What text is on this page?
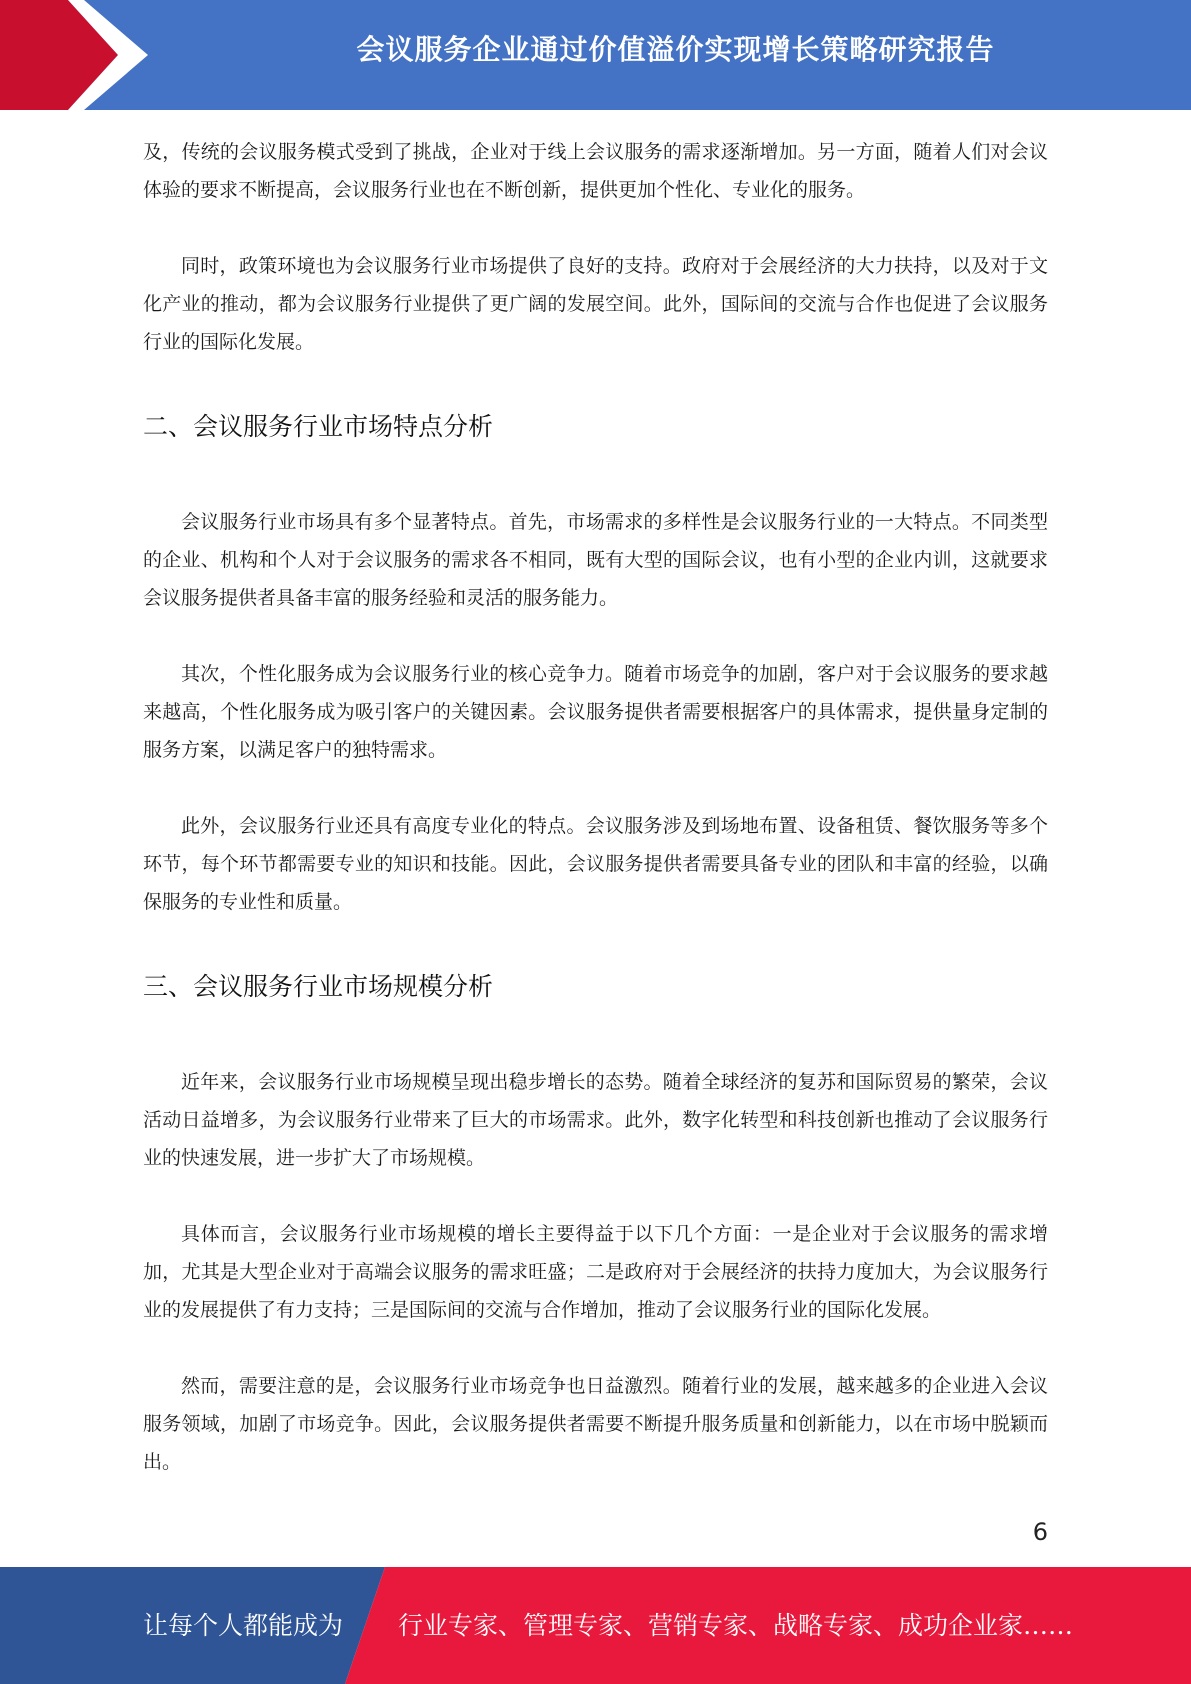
会议服务企业通过价值溢价实现增长策略研究报告

及，传统的会议服务模式受到了挑战，企业对于线上会议服务的需求逐渐增加。另一方面，随着人们对会议体验的要求不断提高，会议服务行业也在不断创新，提供更加个性化、专业化的服务。

同时，政策环境也为会议服务行业市场提供了良好的支持。政府对于会展经济的大力扶持，以及对于文化产业的推动，都为会议服务行业提供了更广阔的发展空间。此外，国际间的交流与合作也促进了会议服务行业的国际化发展。

二、会议服务行业市场特点分析

会议服务行业市场具有多个显著特点。首先，市场需求的多样性是会议服务行业的一大特点。不同类型的企业、机构和个人对于会议服务的需求各不相同，既有大型的国际会议，也有小型的企业内训，这就要求会议服务提供者具备丰富的服务经验和灵活的服务能力。

其次，个性化服务成为会议服务行业的核心竞争力。随着市场竞争的加剧，客户对于会议服务的要求越来越高，个性化服务成为吸引客户的关键因素。会议服务提供者需要根据客户的具体需求，提供量身定制的服务方案，以满足客户的独特需求。

此外，会议服务行业还具有高度专业化的特点。会议服务涉及到场地布置、设备租赁、餐饮服务等多个环节，每个环节都需要专业的知识和技能。因此，会议服务提供者需要具备专业的团队和丰富的经验，以确保服务的专业性和质量。

三、会议服务行业市场规模分析

近年来，会议服务行业市场规模呈现出稳步增长的态势。随着全球经济的复苏和国际贸易的繁荣，会议活动日益增多，为会议服务行业带来了巨大的市场需求。此外，数字化转型和科技创新也推动了会议服务行业的快速发展，进一步扩大了市场规模。

具体而言，会议服务行业市场规模的增长主要得益于以下几个方面：一是企业对于会议服务的需求增加，尤其是大型企业对于高端会议服务的需求旺盛；二是政府对于会展经济的扶持力度加大，为会议服务行业的发展提供了有力支持；三是国际间的交流与合作增加，推动了会议服务行业的国际化发展。

然而，需要注意的是，会议服务行业市场竞争也日益激烈。随着行业的发展，越来越多的企业进入会议服务领域，加剧了市场竞争。因此，会议服务提供者需要不断提升服务质量和创新能力，以在市场中脱颖而出。

6
让每个人都能成为 行业专家、管理专家、营销专家、战略专家、成功企业家……
